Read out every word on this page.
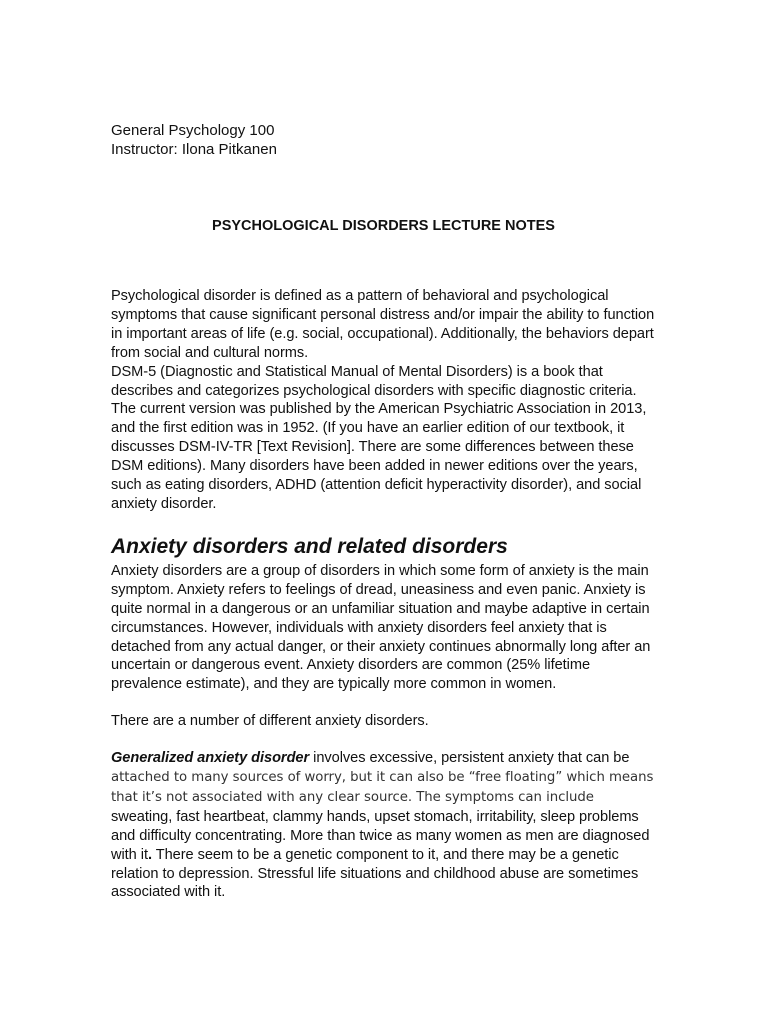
General Psychology 100

Instructor: Ilona Pitkanen

PSYCHOLOGICAL DISORDERS LECTURE NOTES

Psychological disorder is defined as a pattern of behavioral and psychological symptoms that cause significant personal distress and/or impair the ability to function in important areas of life (e.g. social, occupational). Additionally, the behaviors depart from social and cultural norms.

DSM-5 (Diagnostic and Statistical Manual of Mental Disorders) is a book that describes and categorizes psychological disorders with specific diagnostic criteria. The current version was published by the American Psychiatric Association in 2013, and the first edition was in 1952. (If you have an earlier edition of our textbook, it discusses DSM-IV-TR [Text Revision]. There are some differences between these DSM editions). Many disorders have been added in newer editions over the years, such as eating disorders, ADHD (attention deficit hyperactivity disorder), and social anxiety disorder.

Anxiety disorders and related disorders

Anxiety disorders are a group of disorders in which some form of anxiety is the main symptom. Anxiety refers to feelings of dread, uneasiness and even panic. Anxiety is quite normal in a dangerous or an unfamiliar situation and maybe adaptive in certain circumstances. However, individuals with anxiety disorders feel anxiety that is detached from any actual danger, or their anxiety continues abnormally long after an uncertain or dangerous event. Anxiety disorders are common (25% lifetime prevalence estimate), and they are typically more common in women.

There are a number of different anxiety disorders.

Generalized anxiety disorder involves excessive, persistent anxiety that can be
attached to many sources of worry, but it can also be “free floating” which means that it’s not associated with any clear source. The symptoms can include sweating, fast heartbeat, clammy hands, upset stomach, irritability, sleep problems and difficulty concentrating. More than twice as many women as men are diagnosed with it. There seem to be a genetic component to it, and there may be a genetic relation to depression. Stressful life situations and childhood abuse are sometimes associated with it.
